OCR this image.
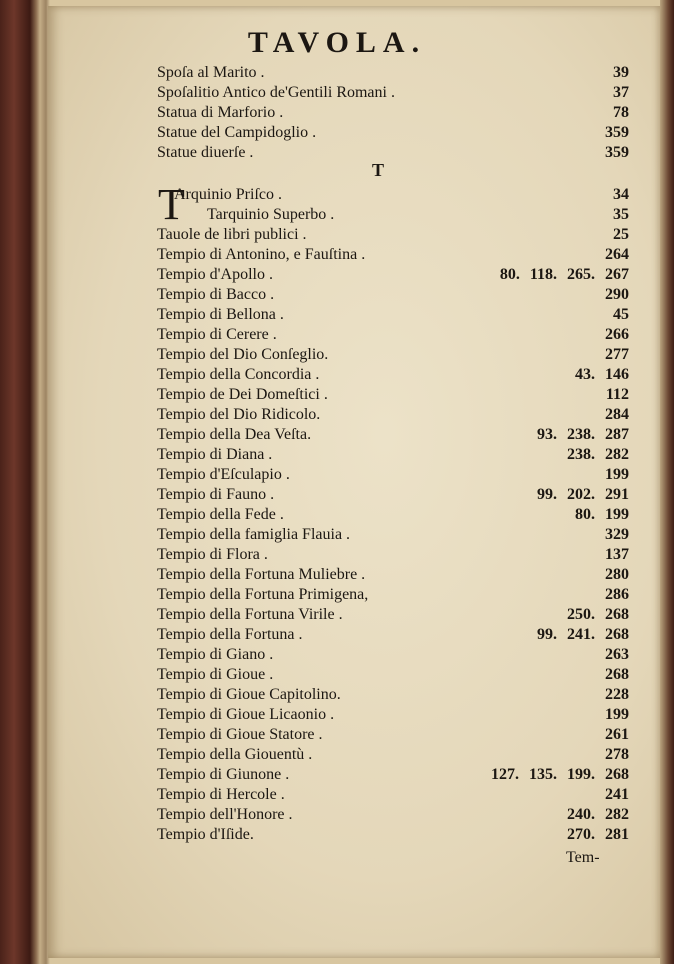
TAVOLA.
Spoſa al Marito .	39
Spoſalitio Antico de'Gentili Romani .	37
Statua di Marforio .	78
Statue del Campidoglio .	359
Statue diuerſe .	359
Arquinio Priſco .	34
Tarquinio Superbo .	35
Tauole de libri publici .	25
Tempio di Antonino, e Fauſtina .	264
Tempio d'Apollo .	80. 118. 265. 267
Tempio di Bacco .	290
Tempio di Bellona .	45
Tempio di Cerere .	266
Tempio del Dio Conſeglio.	277
Tempio della Concordia .	43. 146
Tempio de Dei Domeſtici .	112
Tempio del Dio Ridicolo.	284
Tempio della Dea Veſta.	93. 238. 287
Tempio di Diana .	238. 282
Tempio d'Eſculapio .	199
Tempio di Fauno .	99. 202. 291
Tempio della Fede .	80. 199
Tempio della famiglia Flauia .	329
Tempio di Flora .	137
Tempio della Fortuna Muliebre .	280
Tempio della Fortuna Primigena,	286
Tempio della Fortuna Virile .	250. 268
Tempio della Fortuna .	99. 241. 268
Tempio di Giano .	263
Tempio di Gioue .	268
Tempio di Gioue Capitolino.	228
Tempio di Gioue Licaonio .	199
Tempio di Gioue Statore .	261
Tempio della Giouentù .	278
Tempio di Giunone .	127. 135. 199. 268
Tempio di Hercole .	241
Tempio dell'Honore .	240. 282
Tempio d'Iſide.	270. 281
T
T
Tem-
